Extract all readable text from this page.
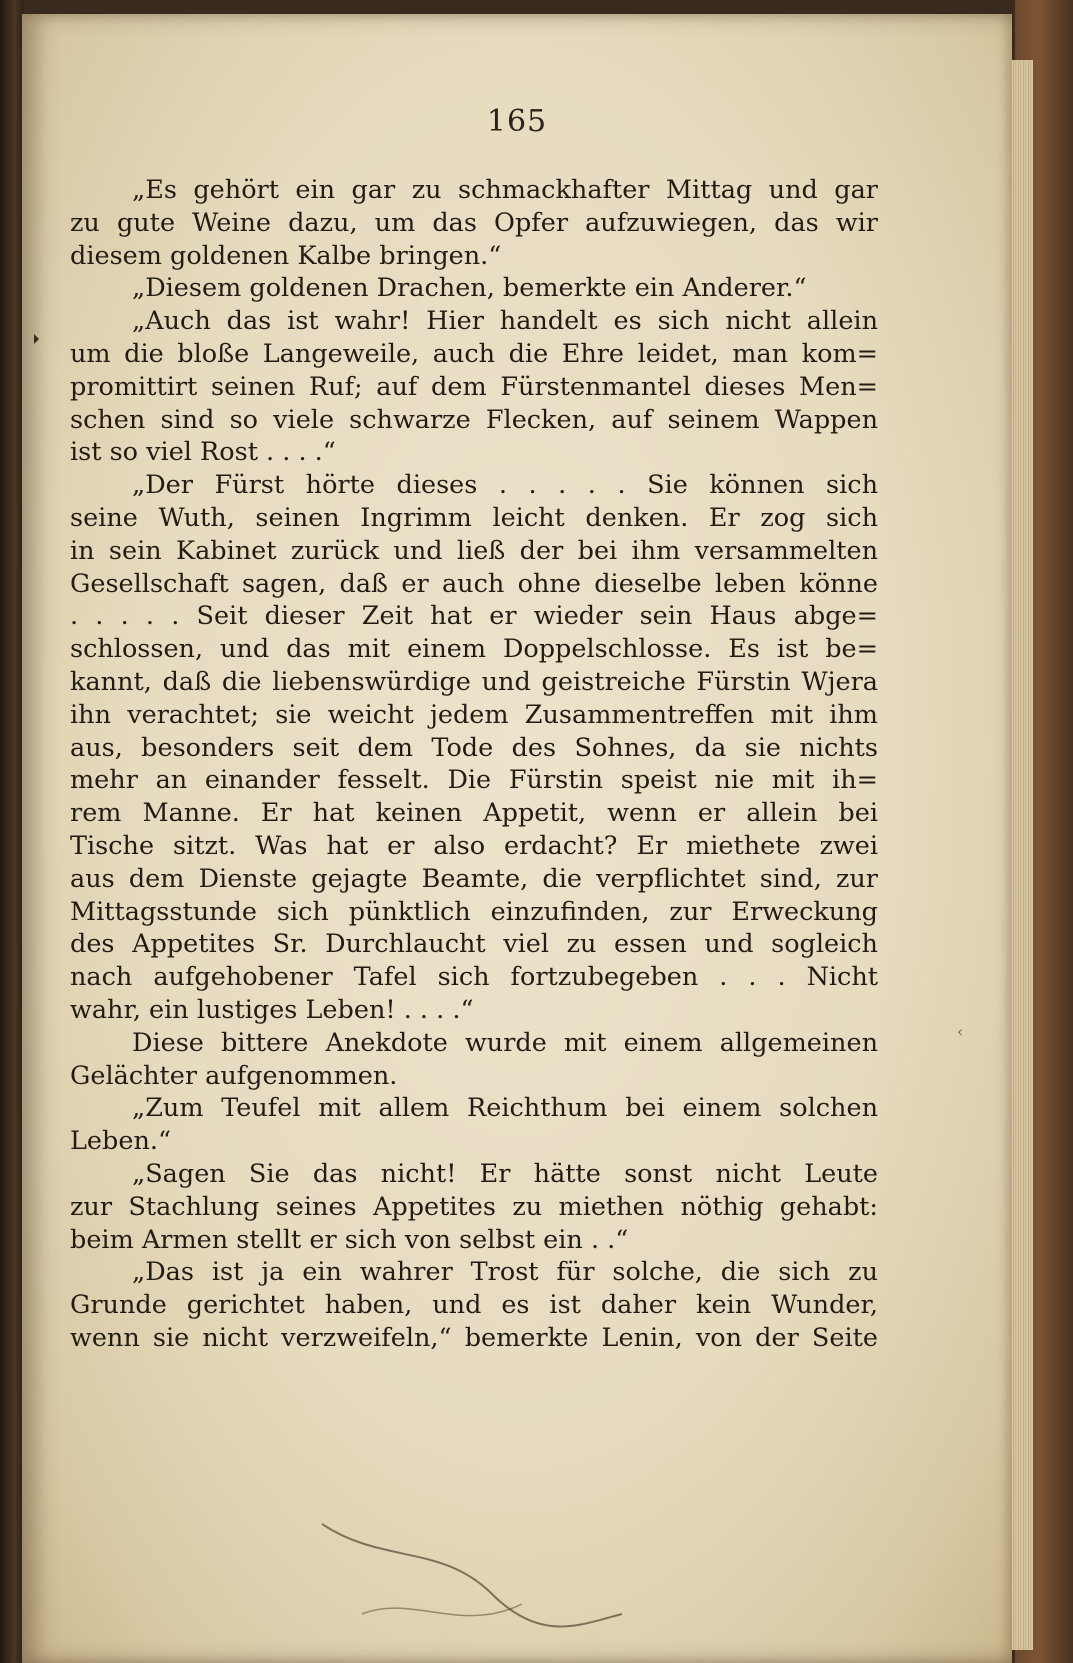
165
„Es gehört ein gar zu schmackhafter Mittag und gar
zu gute Weine dazu, um das Opfer aufzuwiegen, das wir
diesem goldenen Kalbe bringen.“
„Diesem goldenen Drachen, bemerkte ein Anderer.“
„Auch das ist wahr! Hier handelt es sich nicht allein
um die bloße Langeweile, auch die Ehre leidet, man kom=
promittirt seinen Ruf; auf dem Fürstenmantel dieses Men=
schen sind so viele schwarze Flecken, auf seinem Wappen
ist so viel Rost . . . .“
„Der Fürst hörte dieses . . . . . Sie können sich
seine Wuth, seinen Ingrimm leicht denken. Er zog sich
in sein Kabinet zurück und ließ der bei ihm versammelten
Gesellschaft sagen, daß er auch ohne dieselbe leben könne
. . . . . Seit dieser Zeit hat er wieder sein Haus abge=
schlossen, und das mit einem Doppelschlosse. Es ist be=
kannt, daß die liebenswürdige und geistreiche Fürstin Wjera
ihn verachtet; sie weicht jedem Zusammentreffen mit ihm
aus, besonders seit dem Tode des Sohnes, da sie nichts
mehr an einander fesselt. Die Fürstin speist nie mit ih=
rem Manne. Er hat keinen Appetit, wenn er allein bei
Tische sitzt. Was hat er also erdacht? Er miethete zwei
aus dem Dienste gejagte Beamte, die verpflichtet sind, zur
Mittagsstunde sich pünktlich einzufinden, zur Erweckung
des Appetites Sr. Durchlaucht viel zu essen und sogleich
nach aufgehobener Tafel sich fortzubegeben . . . Nicht
wahr, ein lustiges Leben! . . . .“
Diese bittere Anekdote wurde mit einem allgemeinen
Gelächter aufgenommen.
„Zum Teufel mit allem Reichthum bei einem solchen
Leben.“
„Sagen Sie das nicht! Er hätte sonst nicht Leute
zur Stachlung seines Appetites zu miethen nöthig gehabt:
beim Armen stellt er sich von selbst ein . .“
„Das ist ja ein wahrer Trost für solche, die sich zu
Grunde gerichtet haben, und es ist daher kein Wunder,
wenn sie nicht verzweifeln,“ bemerkte Lenin, von der Seite
‹
